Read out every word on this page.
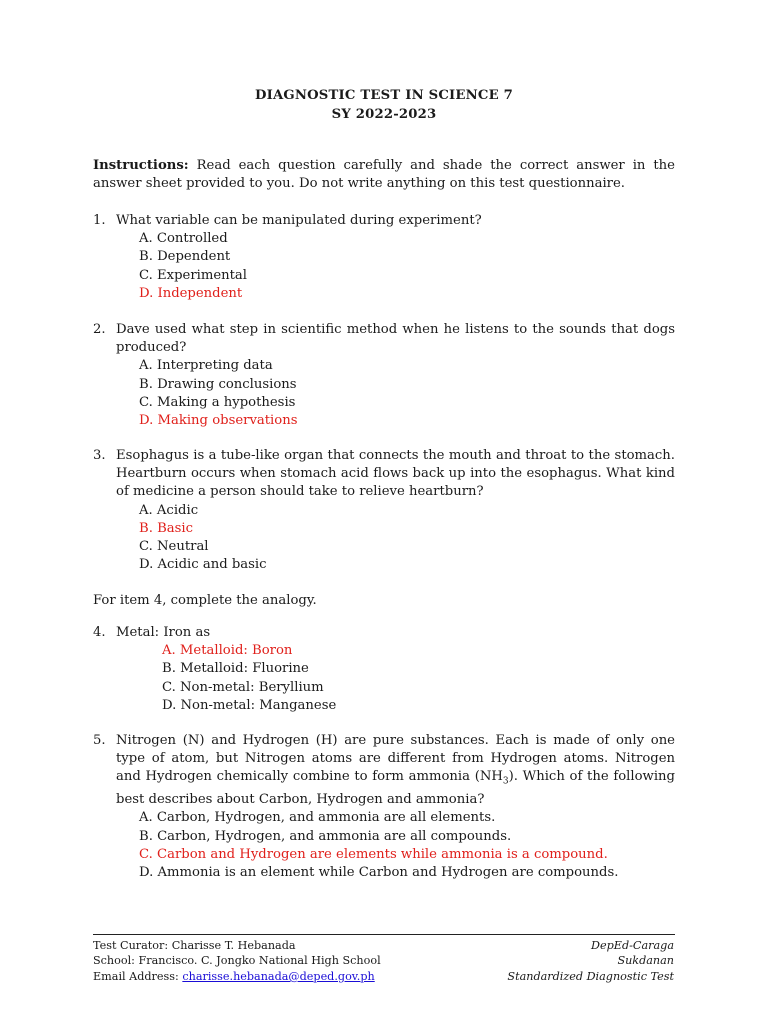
DIAGNOSTIC TEST IN SCIENCE 7
SY 2022-2023
Instructions: Read each question carefully and shade the correct answer in the answer sheet provided to you. Do not write anything on this test questionnaire.
1. What variable can be manipulated during experiment?
A. Controlled
B. Dependent
C. Experimental
D. Independent
2. Dave used what step in scientific method when he listens to the sounds that dogs produced?
A. Interpreting data
B. Drawing conclusions
C. Making a hypothesis
D. Making observations
3. Esophagus is a tube-like organ that connects the mouth and throat to the stomach. Heartburn occurs when stomach acid flows back up into the esophagus. What kind of medicine a person should take to relieve heartburn?
A. Acidic
B. Basic
C. Neutral
D. Acidic and basic
For item 4, complete the analogy.
4. Metal: Iron as
A. Metalloid: Boron
B. Metalloid: Fluorine
C. Non-metal: Beryllium
D. Non-metal: Manganese
5. Nitrogen (N) and Hydrogen (H) are pure substances. Each is made of only one type of atom, but Nitrogen atoms are different from Hydrogen atoms. Nitrogen and Hydrogen chemically combine to form ammonia $(NH_3)$. Which of the following best describes about Carbon, Hydrogen and ammonia?
A. Carbon, Hydrogen, and ammonia are all elements.
B. Carbon, Hydrogen, and ammonia are all compounds.
C. Carbon and Hydrogen are elements while ammonia is a compound.
D. Ammonia is an element while Carbon and Hydrogen are compounds.
Test Curator: Charisse T. Hebanada
School: Francisco. C. Jongko National High School
Email Address: charisse.hebanada@deped.gov.ph
DepEd-Caraga
Sukdanan
Standardized Diagnostic Test
